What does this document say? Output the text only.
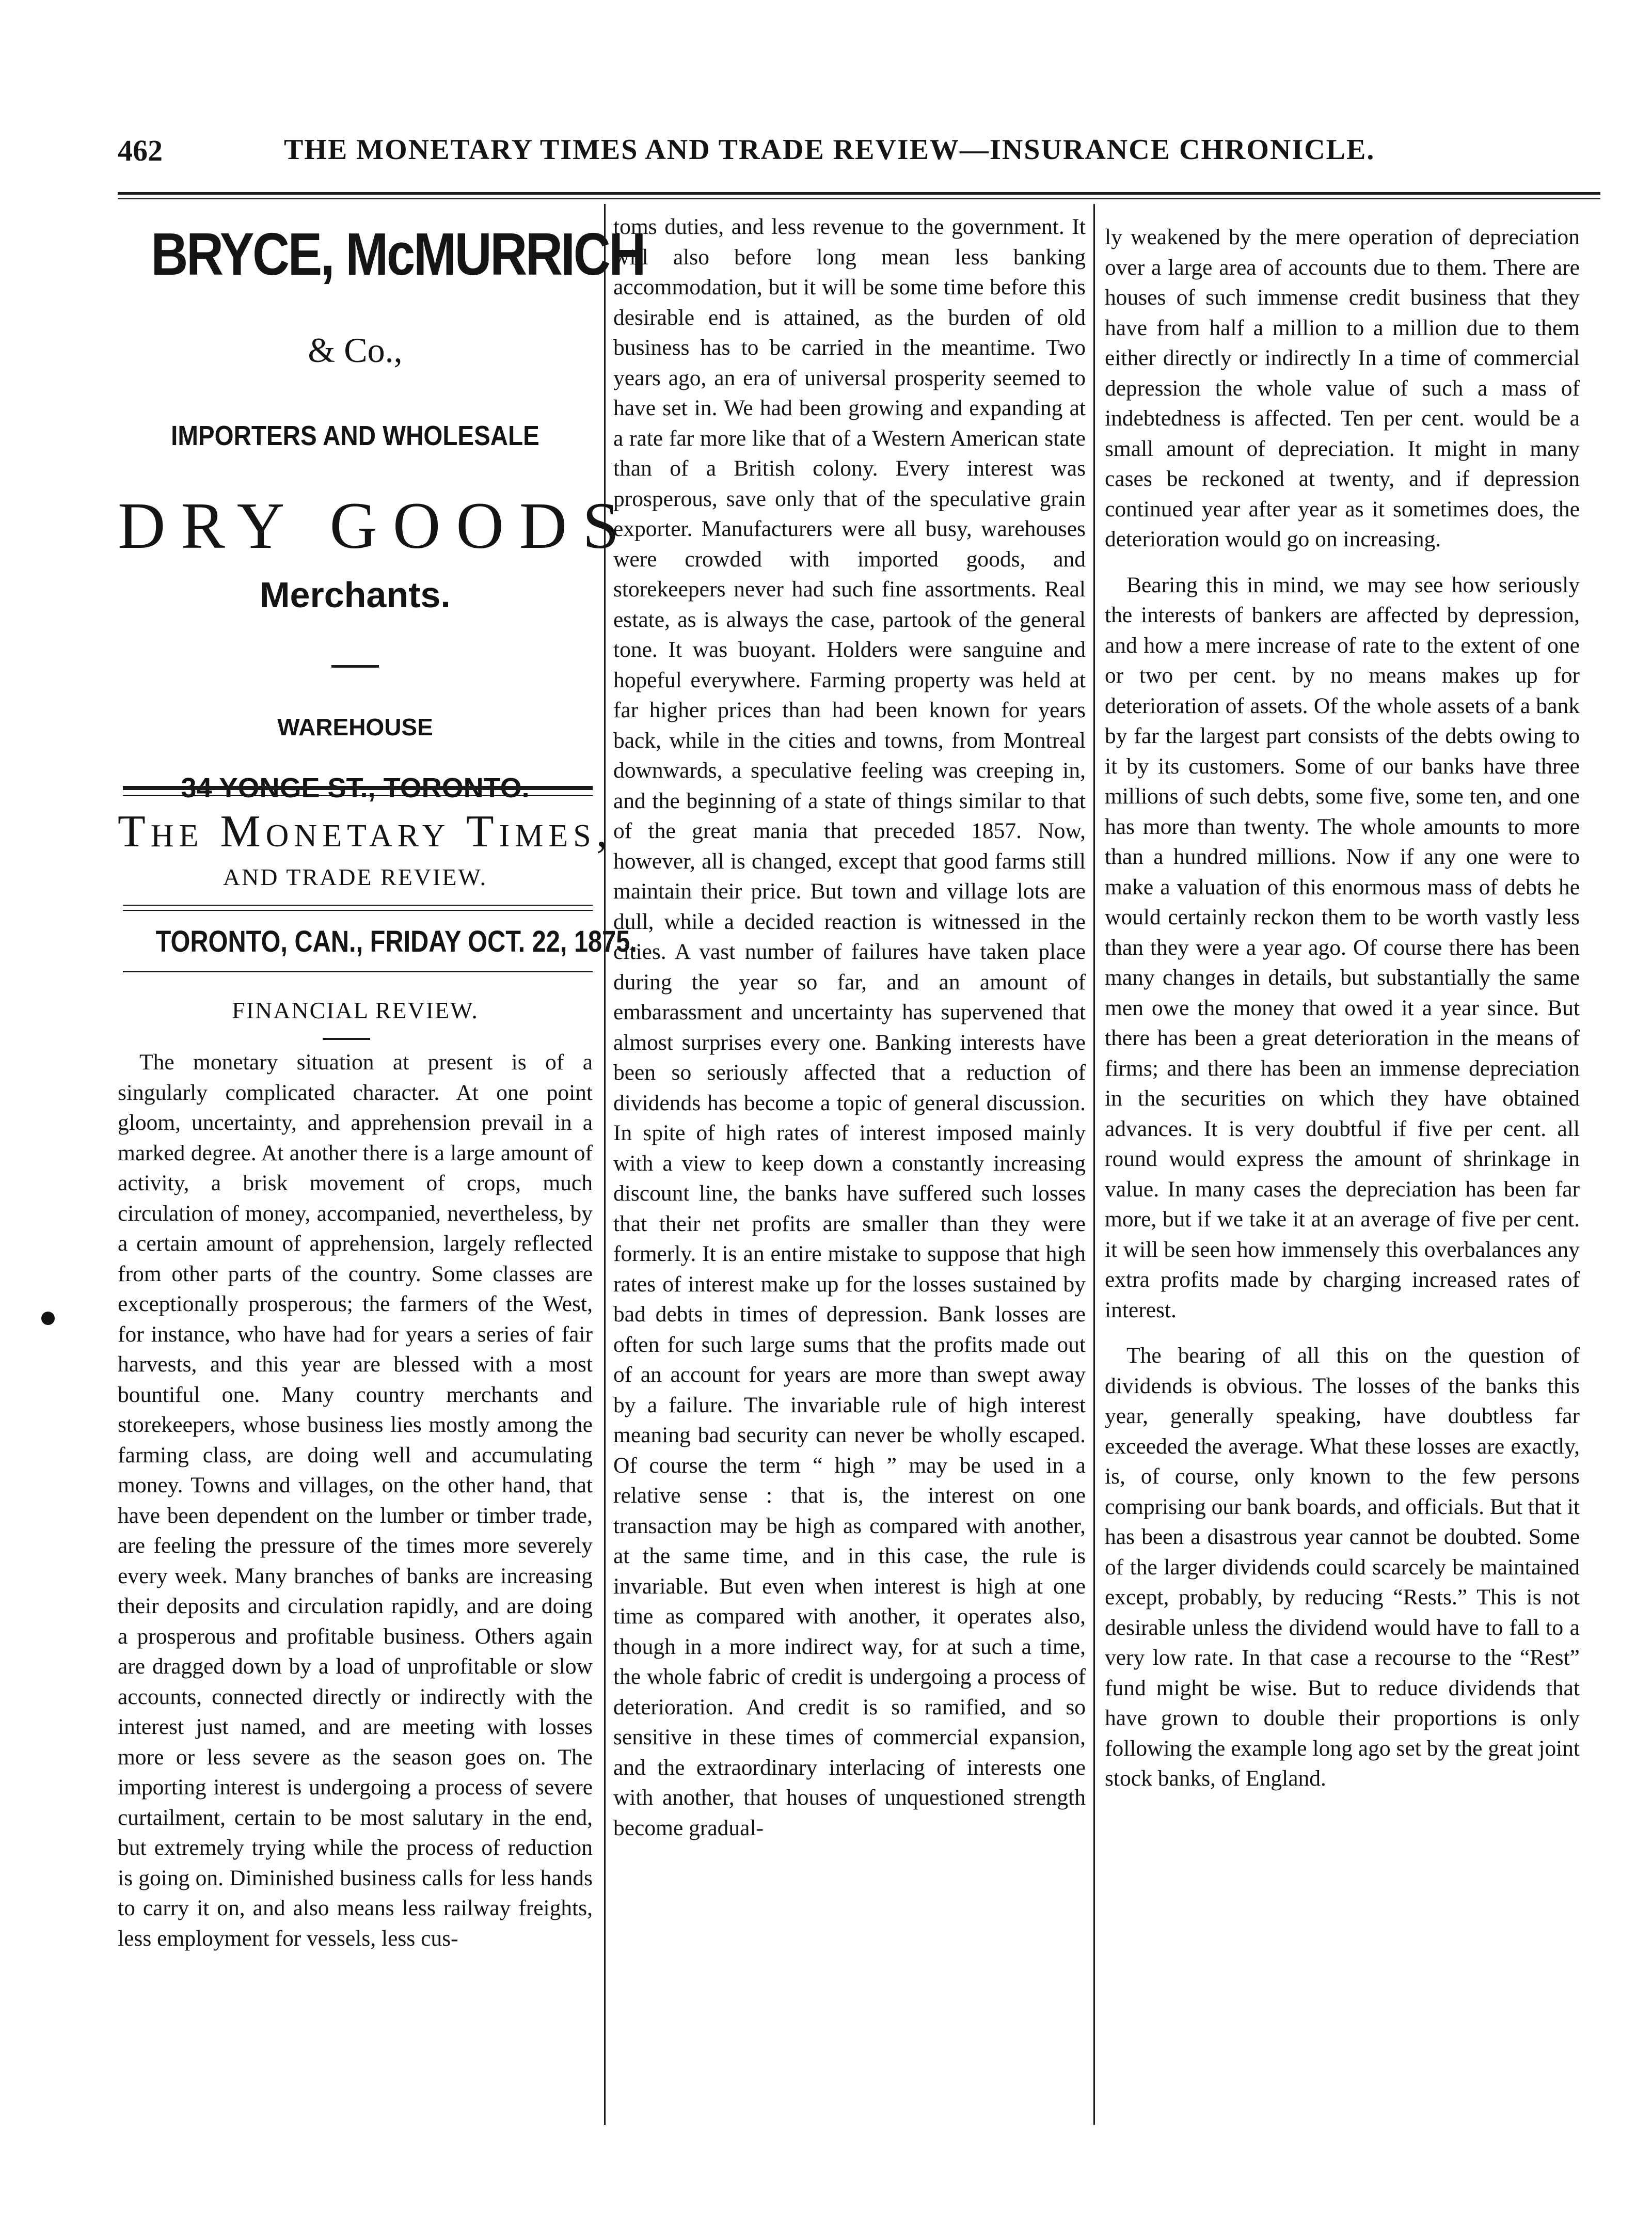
462	THE MONETARY TIMES AND TRADE REVIEW—INSURANCE CHRONICLE.
BRYCE, McMURRICH
& Co.,
IMPORTERS AND WHOLESALE
DRY GOODS
Merchants.
WAREHOUSE
34 YONGE ST., TORONTO.
The Monetary Times,
AND TRADE REVIEW.
TORONTO, CAN., FRIDAY OCT. 22, 1875.
FINANCIAL REVIEW.

The monetary situation at present is of a singularly complicated character. At one point gloom, uncertainty, and apprehension prevail in a marked degree. At another there is a large amount of activity, a brisk movement of crops, much circulation of money, accompanied, nevertheless, by a certain amount of apprehension, largely reflected from other parts of the country. Some classes are exceptionally prosperous; the farmers of the West, for instance, who have had for years a series of fair harvests, and this year are blessed with a most bountiful one. Many country merchants and storekeepers, whose business lies mostly among the farming class, are doing well and accumulating money. Towns and villages, on the other hand, that have been dependent on the lumber or timber trade, are feeling the pressure of the times more severely every week. Many branches of banks are increasing their deposits and circulation rapidly, and are doing a prosperous and profitable business. Others again are dragged down by a load of unprofitable or slow accounts, connected directly or indirectly with the interest just named, and are meeting with losses more or less severe as the season goes on. The importing interest is undergoing a process of severe curtailment, certain to be most salutary in the end, but extremely trying while the process of reduction is going on. Diminished business calls for less hands to carry it on, and also means less railway freights, less employment for vessels, less cus-

toms duties, and less revenue to the government. It will also before long mean less banking accommodation, but it will be some time before this desirable end is attained, as the burden of old business has to be carried in the meantime. Two years ago, an era of universal prosperity seemed to have set in. We had been growing and expanding at a rate far more like that of a Western American state than of a British colony. Every interest was prosperous, save only that of the speculative grain exporter. Manufacturers were all busy, warehouses were crowded with imported goods, and storekeepers never had such fine assortments. Real estate, as is always the case, partook of the general tone. It was buoyant. Holders were sanguine and hopeful everywhere. Farming property was held at far higher prices than had been known for years back, while in the cities and towns, from Montreal downwards, a speculative feeling was creeping in, and the beginning of a state of things similar to that of the great mania that preceded 1857. Now, however, all is changed, except that good farms still maintain their price. But town and village lots are dull, while a decided reaction is witnessed in the cities. A vast number of failures have taken place during the year so far, and an amount of embarassment and uncertainty has supervened that almost surprises every one. Banking interests have been so seriously affected that a reduction of dividends has become a topic of general discussion. In spite of high rates of interest imposed mainly with a view to keep down a constantly increasing discount line, the banks have suffered such losses that their net profits are smaller than they were formerly. It is an entire mistake to suppose that high rates of interest make up for the losses sustained by bad debts in times of depression. Bank losses are often for such large sums that the profits made out of an account for years are more than swept away by a failure. The invariable rule of high interest meaning bad security can never be wholly escaped. Of course the term “ high ” may be used in a relative sense : that is, the interest on one transaction may be high as compared with another, at the same time, and in this case, the rule is invariable. But even when interest is high at one time as compared with another, it operates also, though in a more indirect way, for at such a time, the whole fabric of credit is undergoing a process of deterioration. And credit is so ramified, and so sensitive in these times of commercial expansion, and the extraordinary interlacing of interests one with another, that houses of unquestioned strength become gradual-

ly weakened by the mere operation of depreciation over a large area of accounts due to them. There are houses of such immense credit business that they have from half a million to a million due to them either directly or indirectly In a time of commercial depression the whole value of such a mass of indebtedness is affected. Ten per cent. would be a small amount of depreciation. It might in many cases be reckoned at twenty, and if depression continued year after year as it sometimes does, the deterioration would go on increasing.

Bearing this in mind, we may see how seriously the interests of bankers are affected by depression, and how a mere increase of rate to the extent of one or two per cent. by no means makes up for deterioration of assets. Of the whole assets of a bank by far the largest part consists of the debts owing to it by its customers. Some of our banks have three millions of such debts, some five, some ten, and one has more than twenty. The whole amounts to more than a hundred millions. Now if any one were to make a valuation of this enormous mass of debts he would certainly reckon them to be worth vastly less than they were a year ago. Of course there has been many changes in details, but substantially the same men owe the money that owed it a year since. But there has been a great deterioration in the means of firms; and there has been an immense depreciation in the securities on which they have obtained advances. It is very doubtful if five per cent. all round would express the amount of shrinkage in value. In many cases the depreciation has been far more, but if we take it at an average of five per cent. it will be seen how immensely this overbalances any extra profits made by charging increased rates of interest.

The bearing of all this on the question of dividends is obvious. The losses of the banks this year, generally speaking, have doubtless far exceeded the average. What these losses are exactly, is, of course, only known to the few persons comprising our bank boards, and officials. But that it has been a disastrous year cannot be doubted. Some of the larger dividends could scarcely be maintained except, probably, by reducing “Rests.” This is not desirable unless the dividend would have to fall to a very low rate. In that case a recourse to the “Rest” fund might be wise. But to reduce dividends that have grown to double their proportions is only following the example long ago set by the great joint stock banks, of England.
